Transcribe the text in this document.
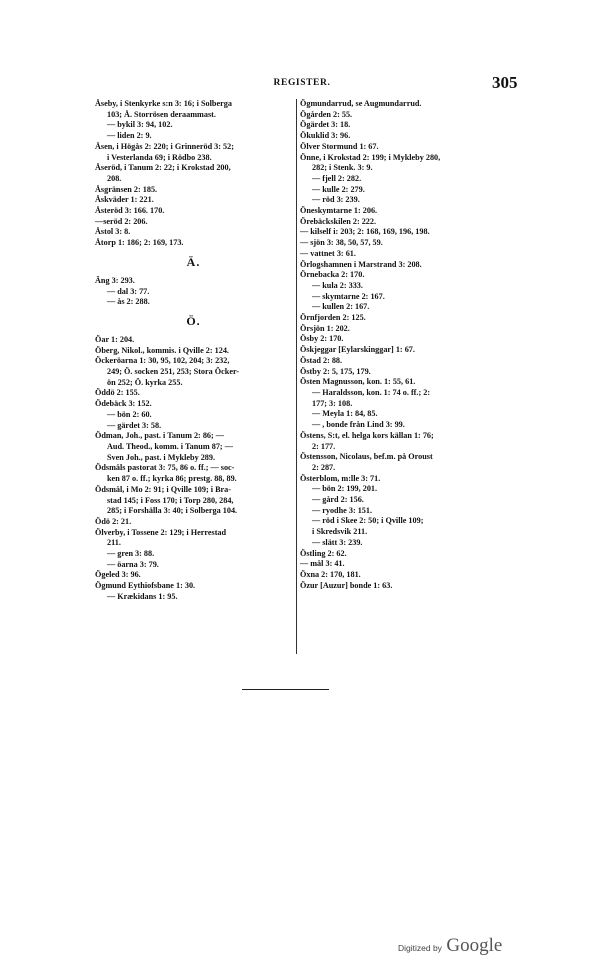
REGISTER.	305
Åseby, i Stenkyrke s:n 3: 16; i Solberga
103; Å. Storrösen deraammast.
— bykil 3: 94, 102.
— liden 2: 9.
Åsen, i Högås 2: 220; i Grinneröd 3: 52;
i Vesterlanda 69; i Rödbo 238.
Åseröd, i Tanum 2: 22; i Krokstad 200,
208.
Åsgränsen 2: 185.
Åskväder 1: 221.
Åsteröd 3: 166. 170.
—seröd 2: 206.
Åstol 3: 8.
Åtorp 1: 186; 2: 169, 173.
Ä.
Äng 3: 293.
— dal 3: 77.
— ås 2: 288.
Ö.
Öar 1: 204.
Öberg, Nikol., kommis. i Qville 2: 124.
Öckeröarna 1: 30, 95, 102, 204; 3: 232,
249; Ö. socken 251, 253; Stora Öcker-
ön 252; Ö. kyrka 255.
Öddö 2: 155.
Ödebäck 3: 152.
— bön 2: 60.
— gärdet 3: 58.
Ödman, Joh., past. i Tanum 2: 86; —
Aud. Theod., komm. i Tanum 87; —
Sven Joh., past. i Mykleby 289.
Ödsmåls pastorat 3: 75, 86 o. ff.; — soc-
ken 87 o. ff.; kyrka 86; prestg. 88, 89.
Ödsmål, i Mo 2: 91; i Qville 109; i Bra-
stad 145; i Foss 170; i Torp 280, 284,
285; i Forshälla 3: 40; i Solberga 104.
Ödö 2: 21.
Ölverby, i Tossene 2: 129; i Herrestad
211.
— gren 3: 88.
— öarna 3: 79.
Ögeled 3: 96.
Ögmund Eythiofsbane 1: 30.
— Krækidans 1: 95.
Ögmundarrud, se Augmundarrud.
Ögården 2: 55.
Ögärdet 3: 18.
Ökuklid 3: 96.
Ölver Stormund 1: 67.
Önne, i Krokstad 2: 199; i Mykleby 280,
282; i Stenk. 3: 9.
— fjell 2: 282.
— kulle 2: 279.
— röd 3: 239.
Öneskymtarne 1: 206.
Örebäckskilen 2: 222.
— kilself i: 203; 2: 168, 169, 196, 198.
— sjön 3: 38, 50, 57, 59.
— vattnet 3: 61.
Örlogshamnen i Marstrand 3: 208.
Örnebacka 2: 170.
— kula 2: 333.
— skymtarne 2: 167.
— kullen 2: 167.
Örnfjorden 2: 125.
Örsjön 1: 202.
Ösby 2: 170.
Öskjeggar [Eylarskinggar] 1: 67.
Östad 2: 88.
Östby 2: 5, 175, 179.
Östen Magnusson, kon. 1: 55, 61.
— Haraldsson, kon. 1: 74 o. ff.; 2:
177; 3: 108.
— Meyla 1: 84, 85.
— , bonde från Lind 3: 99.
Östens, S:t, el. helga kors källan 1: 76;
2: 177.
Östensson, Nicolaus, bef.m. på Oroust
2: 287.
Österblom, m:lle 3: 71.
— bön 2: 199, 201.
— gård 2: 156.
— ryodhe 3: 151.
— röd i Skee 2: 50; i Qville 109;
i Skredsvik 211.
— slätt 3: 239.
Östling 2: 62.
— mål 3: 41.
Öxna 2: 170, 181.
Özur [Auzur] bonde 1: 63.
Digitized by Google
